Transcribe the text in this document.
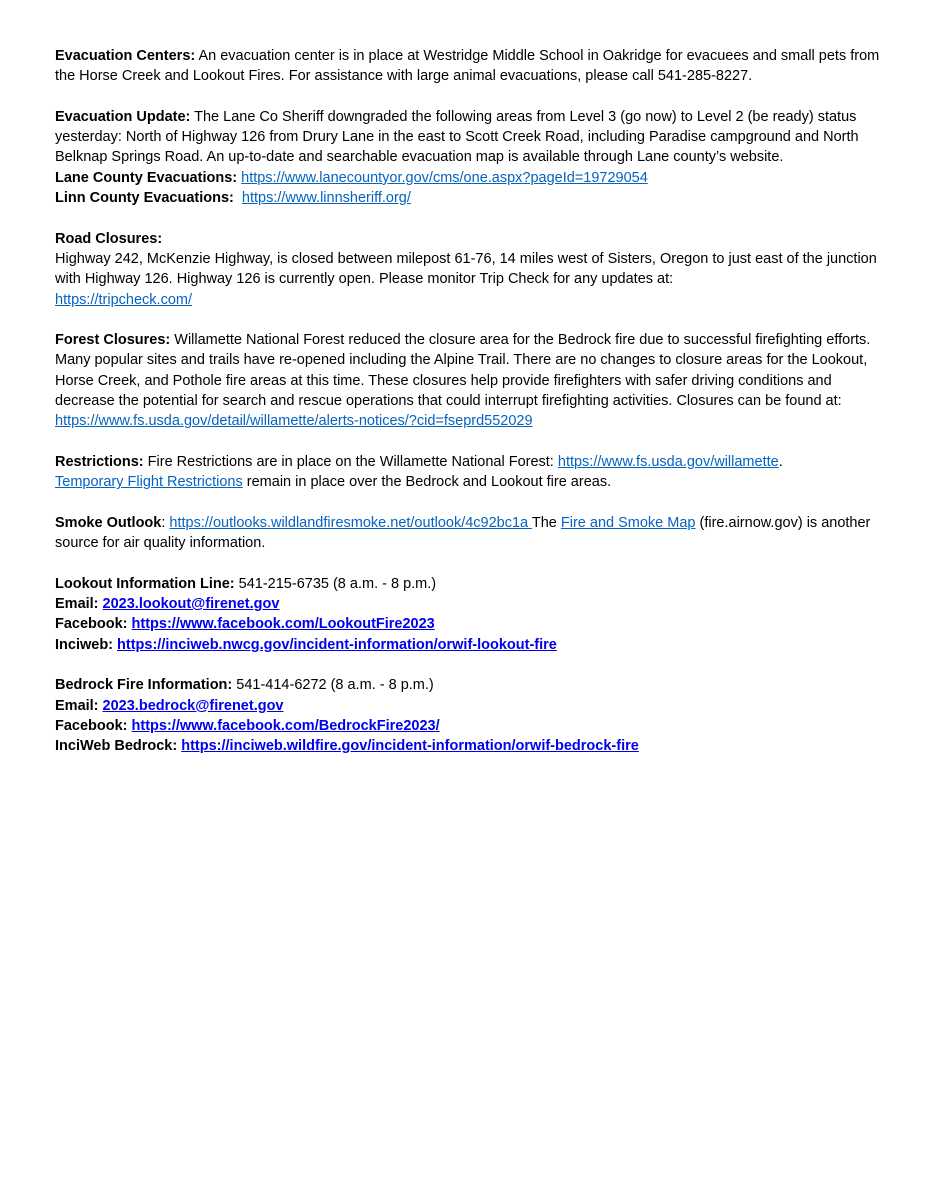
Evacuation Centers: An evacuation center is in place at Westridge Middle School in Oakridge for evacuees and small pets from the Horse Creek and Lookout Fires. For assistance with large animal evacuations, please call 541-285-8227.

Evacuation Update: The Lane Co Sheriff downgraded the following areas from Level 3 (go now) to Level 2 (be ready) status yesterday: North of Highway 126 from Drury Lane in the east to Scott Creek Road, including Paradise campground and North Belknap Springs Road. An up-to-date and searchable evacuation map is available through Lane county’s website.

Lane County Evacuations: https://www.lanecountyor.gov/cms/one.aspx?pageId=19729054

Linn County Evacuations: https://www.linnsheriff.org/

Road Closures:

Highway 242, McKenzie Highway, is closed between milepost 61-76, 14 miles west of Sisters, Oregon to just east of the junction with Highway 126. Highway 126 is currently open. Please monitor Trip Check for any updates at:
https://tripcheck.com/

Forest Closures: Willamette National Forest reduced the closure area for the Bedrock fire due to successful firefighting efforts. Many popular sites and trails have re-opened including the Alpine Trail. There are no changes to closure areas for the Lookout, Horse Creek, and Pothole fire areas at this time. These closures help provide firefighters with safer driving conditions and decrease the potential for search and rescue operations that could interrupt firefighting activities. Closures can be found at: https://www.fs.usda.gov/detail/willamette/alerts-notices/?cid=fseprd552029

Restrictions: Fire Restrictions are in place on the Willamette National Forest: https://www.fs.usda.gov/willamette.
Temporary Flight Restrictions remain in place over the Bedrock and Lookout fire areas.

Smoke Outlook: https://outlooks.wildlandfiresmoke.net/outlook/4c92bc1a The Fire and Smoke Map (fire.airnow.gov) is another source for air quality information.

Lookout Information Line: 541-215-6735 (8 a.m. - 8 p.m.)

Email: 2023.lookout@firenet.gov

Facebook: https://www.facebook.com/LookoutFire2023

Inciweb: https://inciweb.nwcg.gov/incident-information/orwif-lookout-fire

Bedrock Fire Information: 541-414-6272 (8 a.m. - 8 p.m.)

Email: 2023.bedrock@firenet.gov

Facebook: https://www.facebook.com/BedrockFire2023/

InciWeb Bedrock: https://inciweb.wildfire.gov/incident-information/orwif-bedrock-fire
